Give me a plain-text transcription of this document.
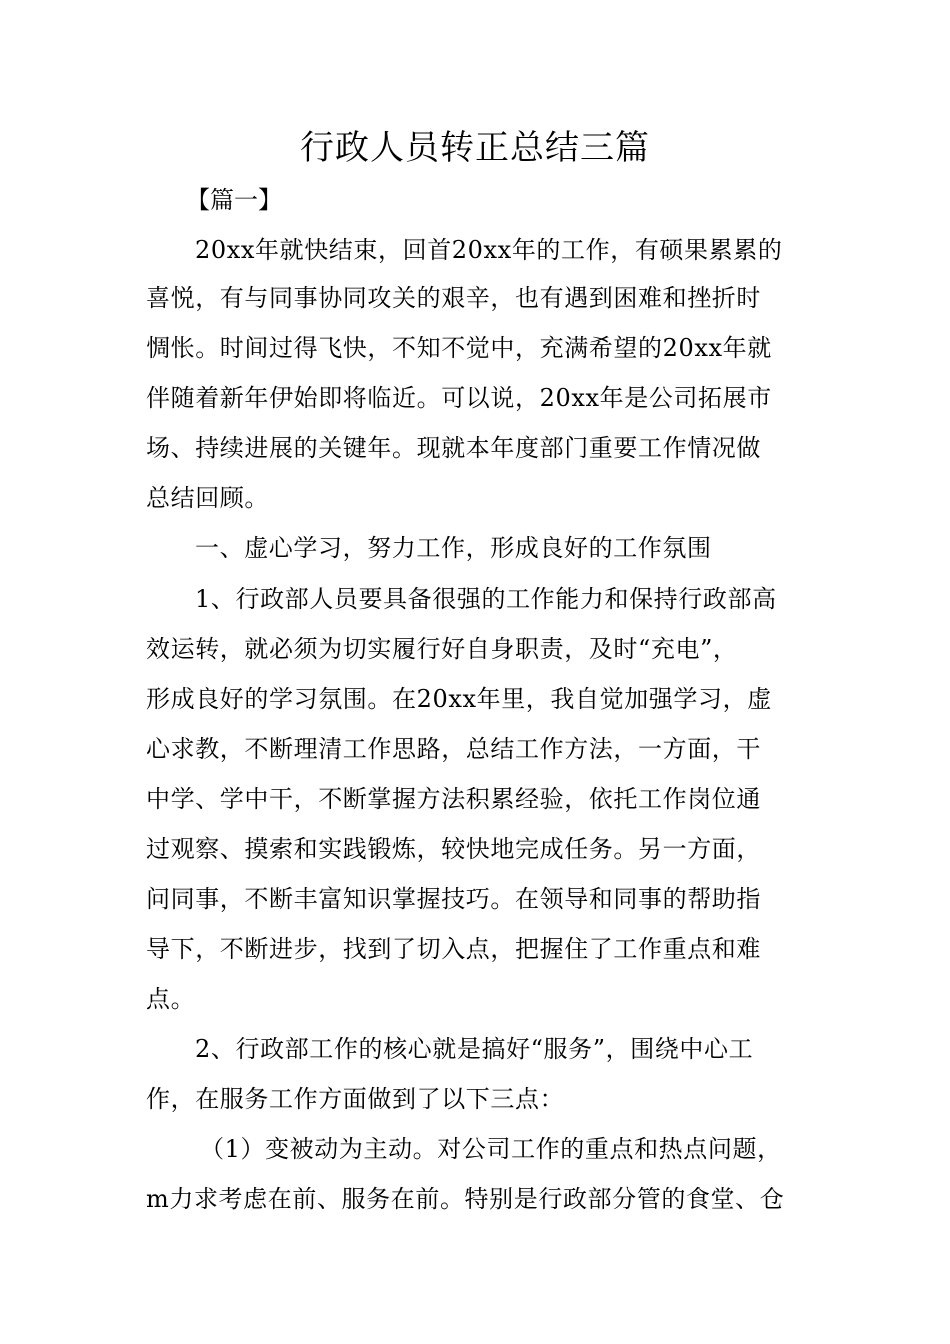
行政人员转正总结三篇

【篇一】

20xx年就快结束，回首20xx年的工作，有硕果累累的

喜悦，有与同事协同攻关的艰辛，也有遇到困难和挫折时

惆怅。时间过得飞快，不知不觉中，充满希望的20xx年就

伴随着新年伊始即将临近。可以说，20xx年是公司拓展市

场、持续进展的关键年。现就本年度部门重要工作情况做

总结回顾。

一、虚心学习，努力工作，形成良好的工作氛围

1、行政部人员要具备很强的工作能力和保持行政部高

效运转，就必须为切实履行好自身职责，及时“充电”，

形成良好的学习氛围。在20xx年里，我自觉加强学习，虚

心求教，不断理清工作思路，总结工作方法，一方面，干

中学、学中干，不断掌握方法积累经验，依托工作岗位通

过观察、摸索和实践锻炼，较快地完成任务。另一方面，

问同事，不断丰富知识掌握技巧。在领导和同事的帮助指

导下，不断进步，找到了切入点，把握住了工作重点和难

点。

2、行政部工作的核心就是搞好“服务”，围绕中心工

作，在服务工作方面做到了以下三点：

（1）变被动为主动。对公司工作的重点和热点问题，

m力求考虑在前、服务在前。特别是行政部分管的食堂、仓
